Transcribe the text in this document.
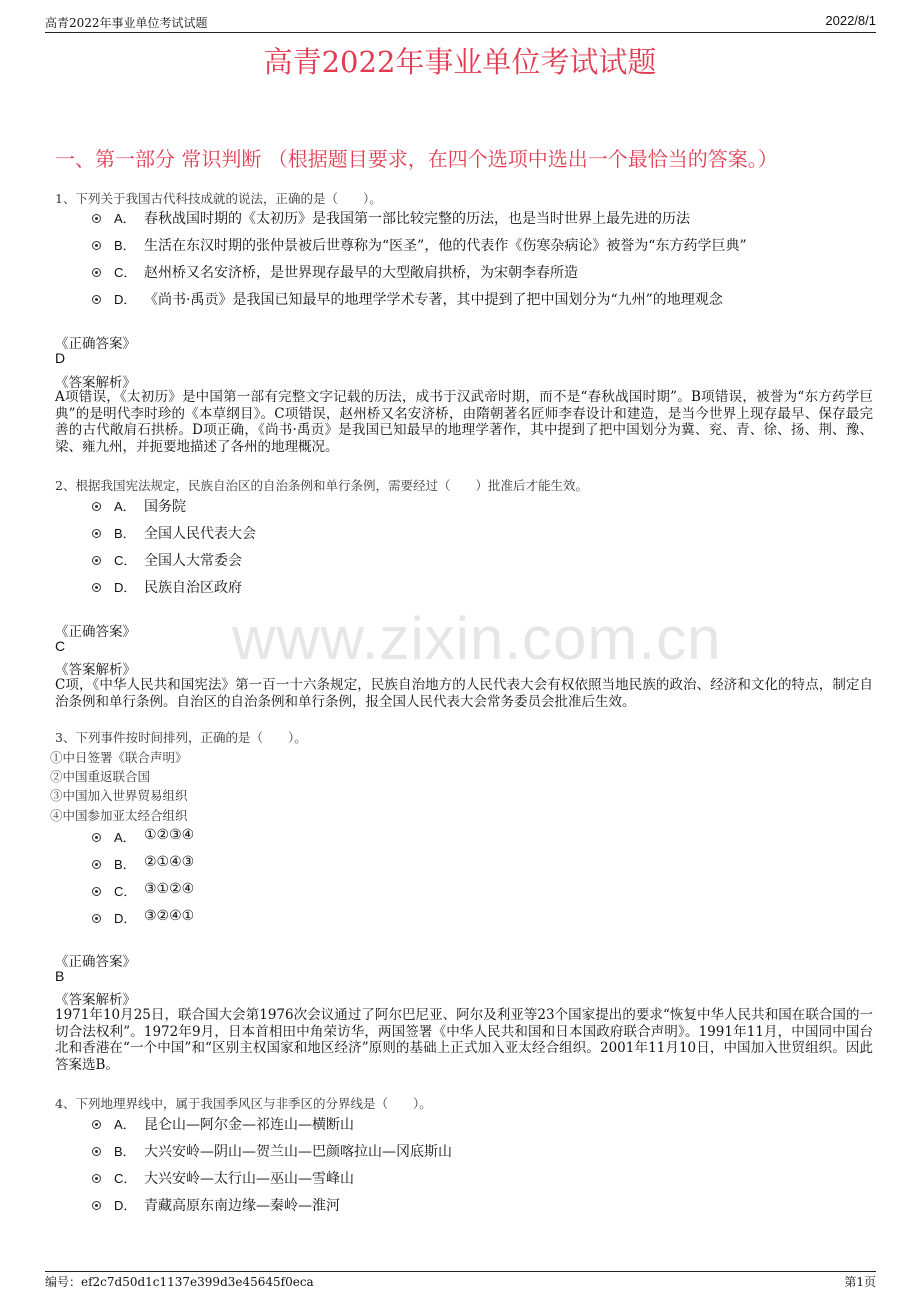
高青2022年事业单位考试试题	2022/8/1
www.zixin.com.cn
高青2022年事业单位考试试题
一、第一部分 常识判断 （根据题目要求，在四个选项中选出一个最恰当的答案。）
1、下列关于我国古代科技成就的说法，正确的是（　　）。
A． 春秋战国时期的《太初历》是我国第一部比较完整的历法，也是当时世界上最先进的历法
B． 生活在东汉时期的张仲景被后世尊称为“医圣”，他的代表作《伤寒杂病论》被誉为“东方药学巨典”
C． 赵州桥又名安济桥，是世界现存最早的大型敞肩拱桥，为宋朝李春所造
D． 《尚书·禹贡》是我国已知最早的地理学学术专著，其中提到了把中国划分为“九州”的地理观念
《正确答案》
D
《答案解析》
A项错误，《太初历》是中国第一部有完整文字记载的历法，成书于汉武帝时期，而不是“春秋战国时期”。B项错误，被誉为“东方药学巨典”的是明代李时珍的《本草纲目》。C项错误，赵州桥又名安济桥，由隋朝著名匠师李春设计和建造，是当今世界上现存最早、保存最完善的古代敞肩石拱桥。D项正确，《尚书·禹贡》是我国已知最早的地理学著作，其中提到了把中国划分为冀、兖、青、徐、扬、荆、豫、梁、雍九州，并扼要地描述了各州的地理概况。
2、根据我国宪法规定，民族自治区的自治条例和单行条例，需要经过（　　）批准后才能生效。
A． 国务院
B． 全国人民代表大会
C． 全国人大常委会
D． 民族自治区政府
《正确答案》
C
《答案解析》
C项，《中华人民共和国宪法》第一百一十六条规定，民族自治地方的人民代表大会有权依照当地民族的政治、经济和文化的特点，制定自治条例和单行条例。自治区的自治条例和单行条例，报全国人民代表大会常务委员会批准后生效。
3、下列事件按时间排列，正确的是（　　）。
①中日签署《联合声明》
②中国重返联合国
③中国加入世界贸易组织
④中国参加亚太经合组织
A． ①②③④
B． ②①④③
C． ③①②④
D． ③②④①
《正确答案》
B
《答案解析》
1971年10月25日，联合国大会第1976次会议通过了阿尔巴尼亚、阿尔及利亚等23个国家提出的要求“恢复中华人民共和国在联合国的一切合法权利”。1972年9月，日本首相田中角荣访华，两国签署《中华人民共和国和日本国政府联合声明》。1991年11月，中国同中国台北和香港在“一个中国”和“区别主权国家和地区经济”原则的基础上正式加入亚太经合组织。2001年11月10日，中国加入世贸组织。因此答案选B。
4、下列地理界线中，属于我国季风区与非季区的分界线是（　　）。
A． 昆仑山—阿尔金—祁连山—横断山
B． 大兴安岭—阴山—贺兰山—巴颜喀拉山—冈底斯山
C． 大兴安岭—太行山—巫山—雪峰山
D． 青藏高原东南边缘—秦岭—淮河
编号：ef2c7d50d1c1137e399d3e45645f0eca	第1页
